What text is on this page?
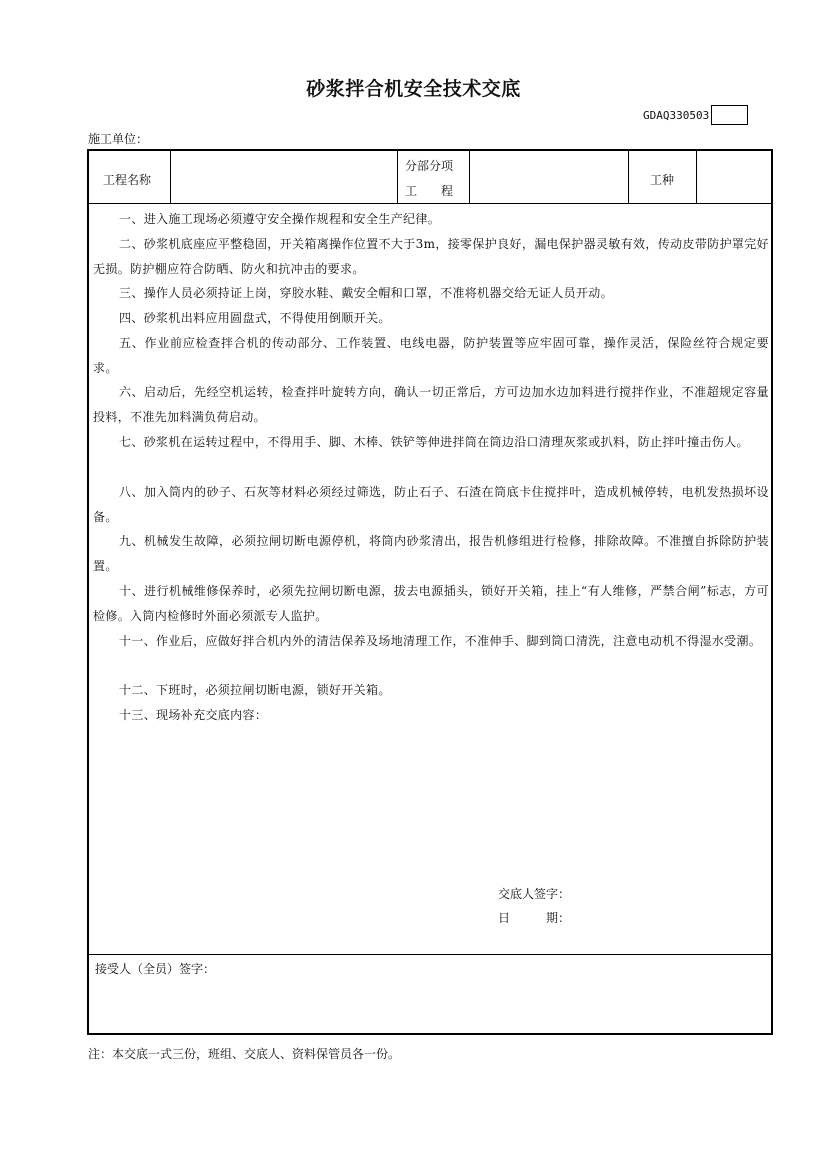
砂浆拌合机安全技术交底
GDAQ330503
施工单位：
工程名称
分部分项
工　　程
工种

一、进入施工现场必须遵守安全操作规程和安全生产纪律。

二、砂浆机底座应平整稳固，开关箱离操作位置不大于3m，接零保护良好，漏电保护器灵敏有效，传动皮带防护罩完好无损。防护棚应符合防晒、防火和抗冲击的要求。

三、操作人员必须持证上岗，穿胶水鞋、戴安全帽和口罩，不准将机器交给无证人员开动。

四、砂浆机出料应用圆盘式，不得使用倒顺开关。

五、作业前应检查拌合机的传动部分、工作装置、电线电器，防护装置等应牢固可靠，操作灵活，保险丝符合规定要求。

六、启动后，先经空机运转，检查拌叶旋转方向，确认一切正常后，方可边加水边加料进行搅拌作业，不准超规定容量投料，不准先加料满负荷启动。

七、砂浆机在运转过程中，不得用手、脚、木棒、铁铲等伸进拌筒在筒边沿口清理灰浆或扒料，防止拌叶撞击伤人。

八、加入筒内的砂子、石灰等材料必须经过筛选，防止石子、石渣在筒底卡住搅拌叶，造成机械停转，电机发热损坏设备。

九、机械发生故障，必须拉闸切断电源停机，将筒内砂浆清出，报告机修组进行检修，排除故障。不准擅自拆除防护装置。

十、进行机械维修保养时，必须先拉闸切断电源，拔去电源插头，锁好开关箱，挂上“有人维修，严禁合闸”标志，方可检修。入筒内检修时外面必须派专人监护。

十一、作业后，应做好拌合机内外的清洁保养及场地清理工作，不准伸手、脚到筒口清洗，注意电动机不得湿水受潮。

十二、下班时，必须拉闸切断电源，锁好开关箱。

十三、现场补充交底内容：

交底人签字：
日　　　期：
接受人（全员）签字：
注：本交底一式三份，班组、交底人、资料保管员各一份。
